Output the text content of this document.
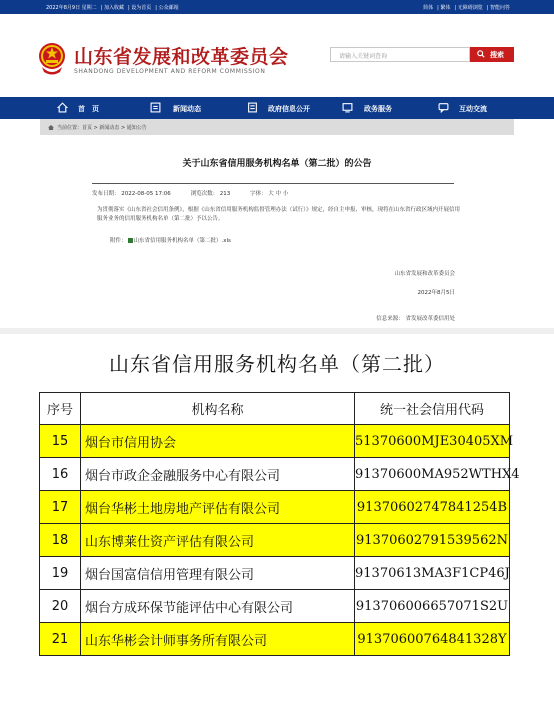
2022年8月9日 星期二 | 加入收藏 | 设为首页 | 公众邮箱	简体 | 繁体 | 无障碍浏览 | 智能问答
山东省发展和改革委员会
SHANDONG DEVELOPMENT AND REFORM COMMISSION
请输入关键词查询	搜索
首　页	新闻动态	政府信息公开	政务服务	互动交流
当前位置：首页 > 新闻动态 > 通知公告
关于山东省信用服务机构名单（第二批）的公告
发布日期： 2022-08-05 17:06	浏览次数： 213	字体： 大 中 小
为贯彻落实《山东省社会信用条例》，根据《山东省信用服务机构监督管理办法（试行）》规定，经自主申报、审核，现将在山东省行政区域内开展信用服务业务的信用服务机构名单（第二批）予以公告。
附件： 山东省信用服务机构名单（第二批）.xls
山东省发展和改革委员会
2022年8月5日
信息来源： 省发展改革委信用处
山东省信用服务机构名单（第二批）
序号	机构名称	统一社会信用代码
15	烟台市信用协会	51370600MJE30405XM
16	烟台市政企金融服务中心有限公司	91370600MA952WTHX4
17	烟台华彬土地房地产评估有限公司	91370602747841254B
18	山东博莱仕资产评估有限公司	91370602791539562N
19	烟台国富信信用管理有限公司	91370613MA3F1CP46J
20	烟台方成环保节能评估中心有限公司	913706006657071S2U
21	山东华彬会计师事务所有限公司	91370600764841328Y
